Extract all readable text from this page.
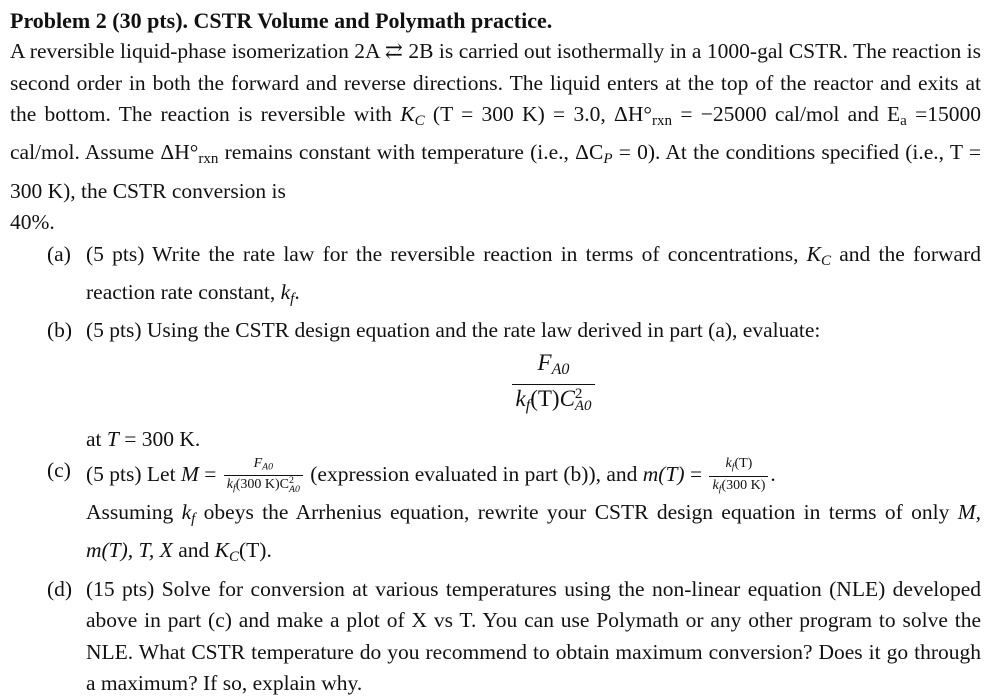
Problem 2 (30 pts). CSTR Volume and Polymath practice.

A reversible liquid-phase isomerization 2A ⇄ 2B is carried out isothermally in a 1000-gal CSTR. The reaction is second order in both the forward and reverse directions. The liquid enters at the top of the reactor and exits at the bottom. The reaction is reversible with $K_C$ (T = 300 K) = 3.0, $\Delta H^\circ_{rxn} = -25000$ cal/mol and $E_a =15000$ cal/mol. Assume $\Delta H^\circ_{rxn}$ remains constant with temperature (i.e., $\Delta C_P = 0$). At the conditions specified (i.e., T = 300 K), the CSTR conversion is
40%.

(a) (5 pts) Write the rate law for the reversible reaction in terms of concentrations, $K_C$ and the forward reaction rate constant, $k_f$.
(b) (5 pts) Using the CSTR design equation and the rate law derived in part (a), evaluate:
$F_{A0}$
$k_f(T)C$ 2
A0
at T = 300 K.
(c) (5 pts) Let $M = F_{A0}$
$k_f(300$ K)C 2
A0 (expression evaluated in part (b)), and $m(T) = \frac{k_f(T)}{k_f(300 K)}$ .
Assuming $k_f$ obeys the Arrhenius equation, rewrite your CSTR design equation in terms of only M, m(T), T, X and $K_C(T)$.
(d) (15 pts) Solve for conversion at various temperatures using the non-linear equation (NLE) developed above in part (c) and make a plot of X vs T. You can use Polymath or any other program to solve the NLE. What CSTR temperature do you recommend to obtain maximum conversion? Does it go through a maximum? If so, explain why.
